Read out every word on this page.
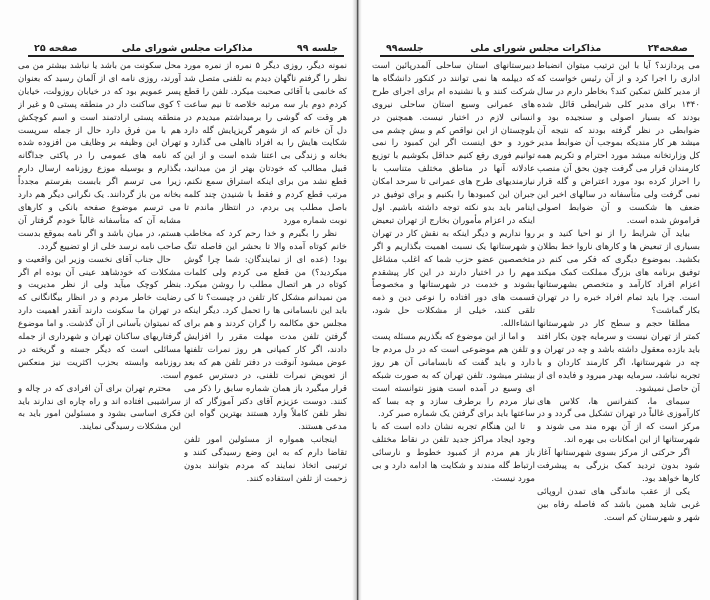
جلسه ۹۹
مذاکرات مجلس شورای ملی
صفحه ۲۵

نمونه دیگر، روزی دیگر ۵ نمره از نمره مورد نظر را گرفتم ناگهان دیدم به تلفنی متصل شد که خانمی با آقائی صحبت میکرد. تلفن را قطع کردم دوم بار سه مرتبه خلاصه تا نیم ساعت هر وقت که گوشی را برمیداشتم میدیدم در دل آن خانم که از شوهر گریزپایش گله دارد شکایت هایش را به افراد نااهلی می گذارد و بخانه و زندگی بی اعتنا شده است و از این قبیل مطالب که خودتان بهتر از من میدانید، قطع نشد من برای اینکه استراق سمع نکنم، مرتب قطع کردم و فقط با شنیدن چند کلمه باصل مطلب پی بردم، در انتظار ماندم تا نوبت شماره مورد

نظر را بگیرم و خدا رحم کرد که مخاطب خانم کوتاه آمده والا تا بحشر این فاصله تنگ بود! (عده ای از نمایندگان: شما چرا گوش میکردید؟) من قطع می کردم ولی کلمات کوتاه در هر اتصال مطلب را روشن میکرد. من نمیدانم مشکل کار تلفن در چیست؟ تا کی باید این نابسامانی ها را تحمل کرد. دیگر اینکه مجلس حق مکالمه را گران کردند و هم برای گرفتن تلفن مدت مهلت مقرر را افزایش دادند، اگر کار کمپانی هر روز نمرات تلفنها عوض میشود آنوقت در دفتر تلفن هم که بعد از تعویض نمرات تلفنی، در دسترس عموم قرار میگیرد باز همان شماره سابق را ذکر می کنند. دوست عزیزم آقای دکتر آموزگار که از نظر تلفن کاملاً وارد هستند بهترین گواه این مدعی هستند.

اینجانب همواره از مسئولین امور تلفن تقاضا دارم که به این وضع رسیدگی کنند و ترتیبی اتخاذ نمایند که مردم بتوانند بدون زحمت از تلفن استفاده کنند.

محل سکونت من باشد یا نباشد بیشتر من می آورند، روزی نامه ای از آلمان رسید که بعنوان پسر عمویم بود که در خیابان روزولت، خیابان ؟ کوی ساکنت دار در منطقه پستی ۵ و غیر از منطقه پستی ارادتمند است و اسم کوچکش هم با من فرق دارد حال از جمله سرپست تهران این وظیفه بر وظایف من افزوده شده که نامه های عمومی را در پاکتی جداگانه بگذارم و بوسیله موزع روزنامه ارسال دارم زیرا می ترسم اگر بابست بفرستم مجدداً بخانه من باز گردانند. یک نگرانی دیگر هم دارد می ترسم موضوع صفحه بانکی و کارهای مشابه آن که متأسفانه غالباً خودم گرفتار آن هستم، در میان باشد و اگر نامه بموقع بدست صاحب نامه نرسد خلی از او تضییع گردد.

حال جناب آقای نخست وزیر این واقعیت و مشکلات که خودشاهد عینی آن بوده ام اگر بنظر کوچک میآید ولی از نظر مدیریت و رضایت خاطر مردم و در انظار بیگانگانی که در تهران ما سکونت دارند آنقدر اهمیت دارد که نمیتوان بآسانی از آن گذشت. و اما موضوع گرفتاریهای ساکنان تهران و شهرداری از جمله مسائلی است که دیگر جسته و گریخته در روزنامه وابسته بحزب اکثریت نیز منعکس است.

محترم تهران برای آن افرادی که در چاله و سراشیبی افتاده اند و راه چاره ای ندارند باید فکری اساسی بشود و مسئولین امور باید به این مشکلات رسیدگی نمایند.

صفحه۲۴
مذاکرات مجلس شورای ملی
جلسه۹۹

می پردازند؟ آیا با این ترتیب میتوان انضباط اداری را اجرا کرد و از آن رئیس خواست که از مدیر کلش تمکین کند؟ بخاطر دارم در سال ۱۳۴۰ برای مدیر کلی شرایطی قائل شده بودند که بسیار اصولی و سنجیده بود و ضوابطی در نظر گرفته بودند که نتیجه آن میشد هر کار مندیکه بموجب آن ضوابط مدیر کل وزارتخانه میشد مورد احترام و تکریم همه کارمندان قرار می گرفت چون بحق آن منصب را احراز کرده بود مورد اعتراض و گله قرار نمی گرفت ولی متأسفانه در سالهای اخیر این ضعف ها شکست و آن ضوابط اصولی فراموش شده است.

بیاید آن شرایط را از نو احیا کنید و بر بسیاری از تبعیض ها و کارهای ناروا خط بطلان بکشید. بموضوع دیگری که فکر می کنم در توفیق برنامه های بزرگ مملکت کمک میکند اعزام افراد کارآمد و متخصص بشهرستانها است. چرا باید تمام افراد خبره را در تهران بکار گماشت؟

مطلقا حجم و سطح کار در شهرستانها کمتر از تهران نیست و سرمایه چون بکار افتد باید بازده معقول داشته باشد و چه در تهران و چه در شهرستانها، اگر کارمند کاردان و با تجربه نباشد، سرمایه بهدر میرود و فایده ای از آن حاصل نمیشود.

سیمای ما، کنفرانس ها، کلاس های کارآموزی غالباً در تهران تشکیل می گردد و در مرکز است که از آن بهره مند می شوند و شهرستانها از این امکانات بی بهره اند.

اگر حرکتی از مرکز بسوی شهرستانها آغاز شود بدون تردید کمک بزرگی به پیشرفت کارها خواهد بود.

یکی از عقب ماندگی های تمدن اروپائی غربی شاید همین باشد که فاصله رفاه بین شهر و شهرستان کم است.

دبیرستانهای استان ساحلی آلمدرپائین است که دیپلمه ها نمی توانند در کنکور دانشگاه ها شرکت کنند و یا نشنیده ام برای اجرای طرح های عمرانی وسیع استان ساحلی نیروی انسانی لازم در اختیار نیست. همچنین در بلوچستان از این نواقص کم و بیش چشم می خورد و حق اینست اگر این کمبود را نمی توانیم فوری رفع کنیم حداقل بکوشیم با توزیع عادلانه آنها در مناطق مختلف متناسب با نیازمندیهای طرح های عمرانی تا سرحد امکان جبران این کمبودها را بکنیم و برای توفیق در اینامر باید بدو نکته توجه داشته باشیم. اول اینکه در اعزام مأموران بخارج از تهران تبعیض روا نداریم و دیگر اینکه به نقش کار در تهران و شهرستانها یک نسبت اهمیت بگذاریم و اگر متخصصین عضو حزب شما که اغلب مشاغل مهم را در اختیار دارند در این کار پیشقدم بشوند و خدمت در شهرستانها و مخصوصاً قسمت های دور افتاده را نوعی دین و ذمه تلقی کنند، خیلی از مشکلات حل شود، انشاءالله.

و اما از این موضوع که بگذریم مسئله پست و تلفن هم موضوعی است که در دل مردم جا دارد و باید گفت که نابسامانی آن هر روز بیشتر میشود. تلفن تهران که به صورت شبکه ای وسیع در آمده است هنوز نتوانسته است نیاز مردم را برطرف سازد و چه بسا که ساعتها باید برای گرفتن یک شماره صبر کرد.

تا این هنگام تجربه نشان داده است که با وجود ایجاد مراکز جدید تلفن در نقاط مختلف باز هم مردم از کمبود خطوط و نارسائی ارتباط گله مندند و شکایت ها ادامه دارد و بی مورد نیست.
